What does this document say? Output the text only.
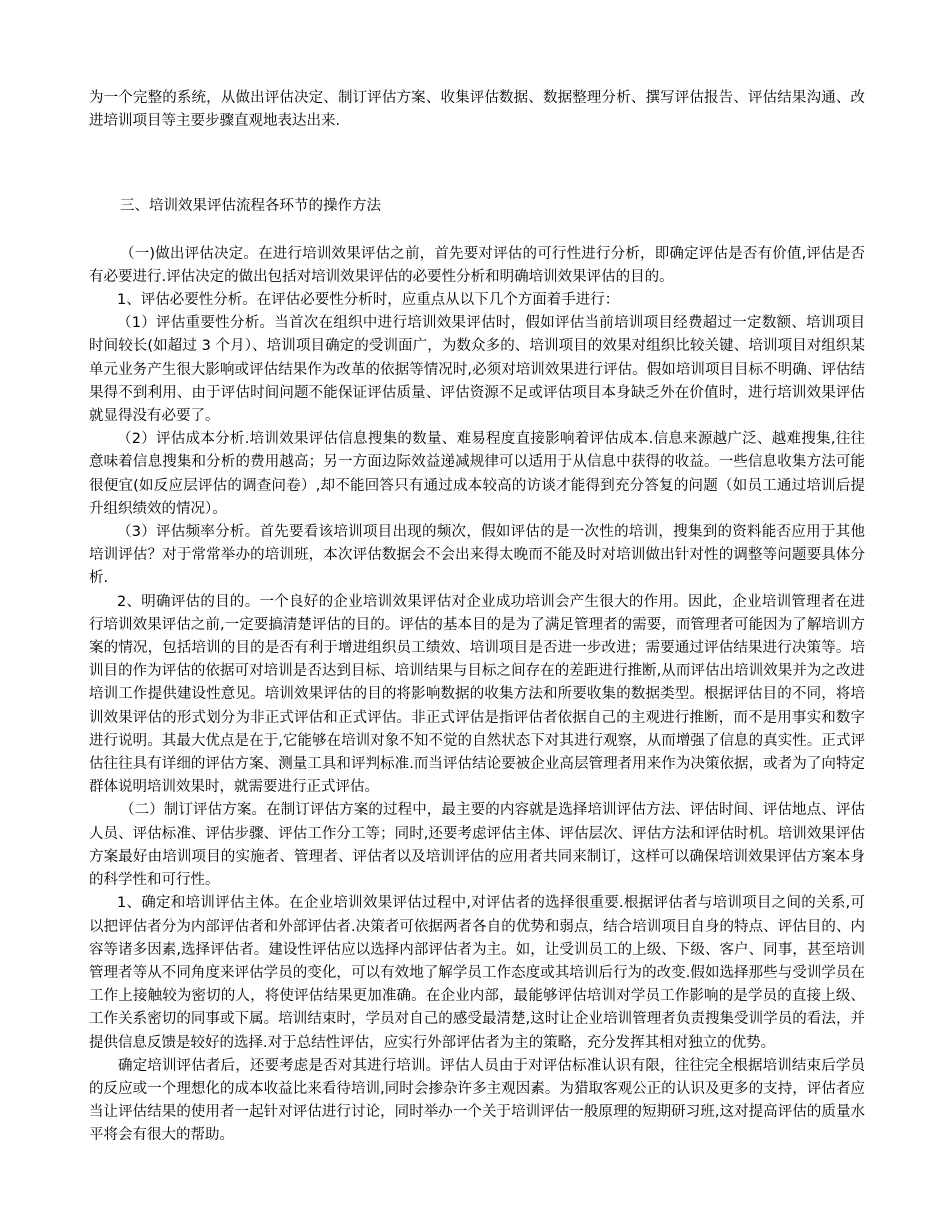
为一个完整的系统，从做出评估决定、制订评估方案、收集评估数据、数据整理分析、撰写评估报告、评估结果沟通、改进培训项目等主要步骤直观地表达出来.

三、培训效果评估流程各环节的操作方法

（一)做出评估决定。在进行培训效果评估之前，首先要对评估的可行性进行分析，即确定评估是否有价值,评估是否有必要进行.评估决定的做出包括对培训效果评估的必要性分析和明确培训效果评估的目的。

1、评估必要性分析。在评估必要性分析时，应重点从以下几个方面着手进行：

（1）评估重要性分析。当首次在组织中进行培训效果评估时，假如评估当前培训项目经费超过一定数额、培训项目时间较长(如超过 3 个月）、培训项目确定的受训面广，为数众多的、培训项目的效果对组织比较关键、培训项目对组织某单元业务产生很大影响或评估结果作为改革的依据等情况时,必须对培训效果进行评估。假如培训项目目标不明确、评估结果得不到利用、由于评估时间问题不能保证评估质量、评估资源不足或评估项目本身缺乏外在价值时，进行培训效果评估就显得没有必要了。

（2）评估成本分析.培训效果评估信息搜集的数量、难易程度直接影响着评估成本.信息来源越广泛、越难搜集,往往意味着信息搜集和分析的费用越高；另一方面边际效益递减规律可以适用于从信息中获得的收益。一些信息收集方法可能很便宜(如反应层评估的调查问卷）,却不能回答只有通过成本较高的访谈才能得到充分答复的问题（如员工通过培训后提升组织绩效的情况）。

（3）评估频率分析。首先要看该培训项目出现的频次，假如评估的是一次性的培训，搜集到的资料能否应用于其他培训评估？对于常常举办的培训班，本次评估数据会不会出来得太晚而不能及时对培训做出针对性的调整等问题要具体分析.

2、明确评估的目的。一个良好的企业培训效果评估对企业成功培训会产生很大的作用。因此，企业培训管理者在进行培训效果评估之前,一定要搞清楚评估的目的。评估的基本目的是为了满足管理者的需要，而管理者可能因为了解培训方案的情况，包括培训的目的是否有利于增进组织员工绩效、培训项目是否进一步改进；需要通过评估结果进行决策等。培训目的作为评估的依据可对培训是否达到目标、培训结果与目标之间存在的差距进行推断,从而评估出培训效果并为之改进培训工作提供建设性意见。培训效果评估的目的将影响数据的收集方法和所要收集的数据类型。根据评估目的不同，将培训效果评估的形式划分为非正式评估和正式评估。非正式评估是指评估者依据自己的主观进行推断，而不是用事实和数字进行说明。其最大优点是在于,它能够在培训对象不知不觉的自然状态下对其进行观察，从而增强了信息的真实性。正式评估往往具有详细的评估方案、测量工具和评判标准.而当评估结论要被企业高层管理者用来作为决策依据，或者为了向特定群体说明培训效果时，就需要进行正式评估。

（二）制订评估方案。在制订评估方案的过程中，最主要的内容就是选择培训评估方法、评估时间、评估地点、评估人员、评估标准、评估步骤、评估工作分工等；同时,还要考虑评估主体、评估层次、评估方法和评估时机。培训效果评估方案最好由培训项目的实施者、管理者、评估者以及培训评估的应用者共同来制订，这样可以确保培训效果评估方案本身的科学性和可行性。

1、确定和培训评估主体。在企业培训效果评估过程中,对评估者的选择很重要.根据评估者与培训项目之间的关系,可以把评估者分为内部评估者和外部评估者.决策者可依据两者各自的优势和弱点，结合培训项目自身的特点、评估目的、内容等诸多因素,选择评估者。建设性评估应以选择内部评估者为主。如，让受训员工的上级、下级、客户、同事，甚至培训管理者等从不同角度来评估学员的变化，可以有效地了解学员工作态度或其培训后行为的改变.假如选择那些与受训学员在工作上接触较为密切的人，将使评估结果更加准确。在企业内部，最能够评估培训对学员工作影响的是学员的直接上级、工作关系密切的同事或下属。培训结束时，学员对自己的感受最清楚,这时让企业培训管理者负责搜集受训学员的看法，并提供信息反馈是较好的选择.对于总结性评估，应实行外部评估者为主的策略，充分发挥其相对独立的优势。

确定培训评估者后，还要考虑是否对其进行培训。评估人员由于对评估标准认识有限，往往完全根据培训结束后学员的反应或一个理想化的成本收益比来看待培训,同时会掺杂许多主观因素。为猎取客观公正的认识及更多的支持，评估者应当让评估结果的使用者一起针对评估进行讨论，同时举办一个关于培训评估一般原理的短期研习班,这对提高评估的质量水平将会有很大的帮助。
